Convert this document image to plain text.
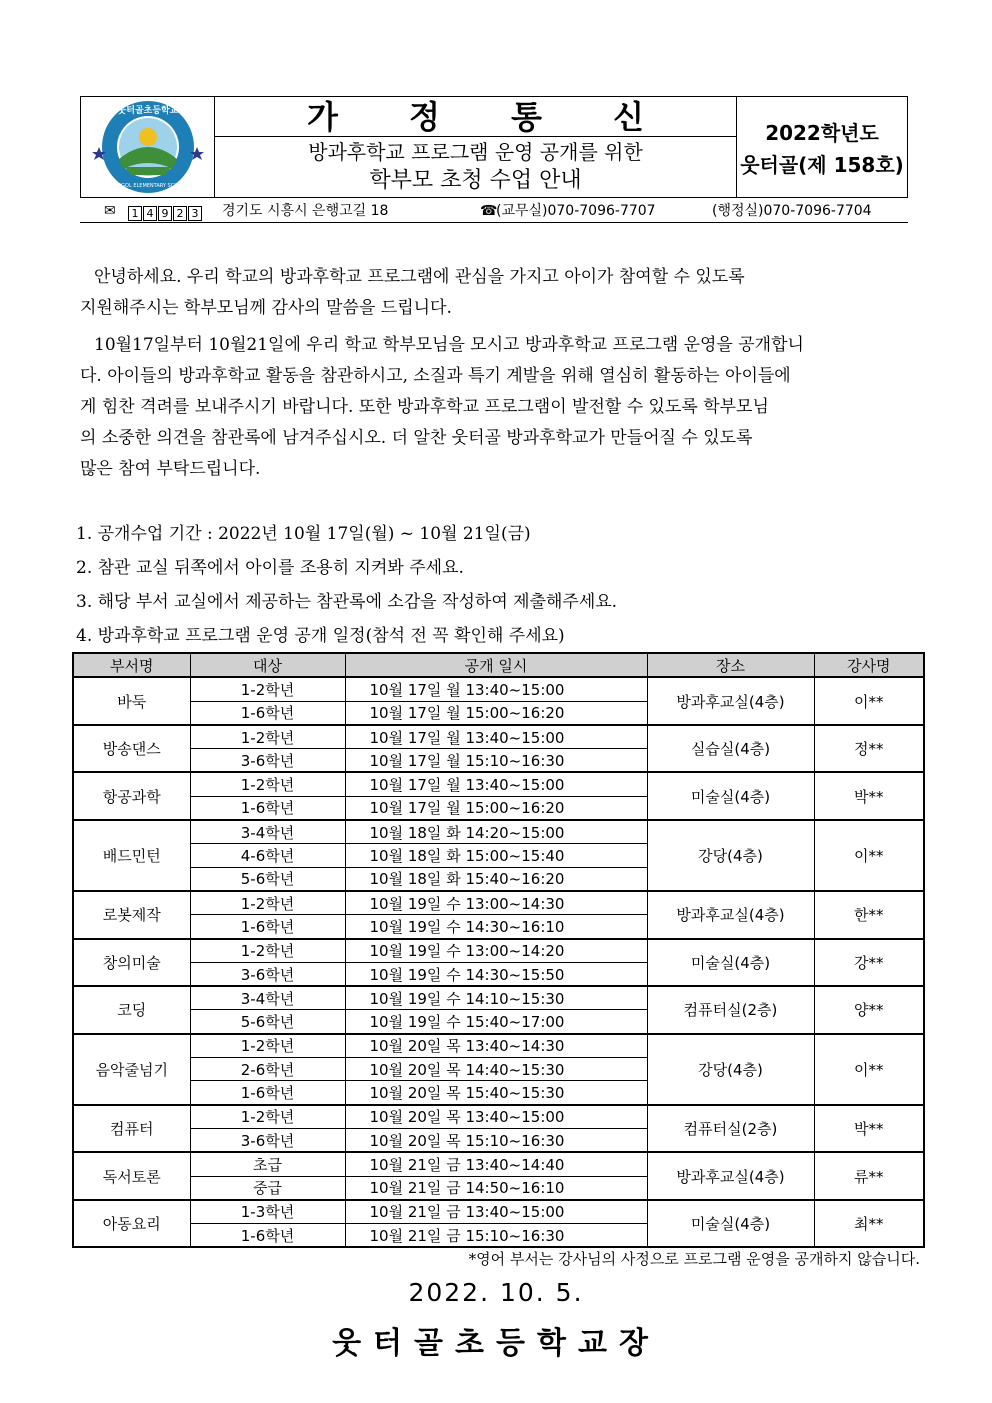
웃터골초등학교
UTEOGOL ELEMENTARY SCHOOL
가 정 통 신
방과후학교 프로그램 운영 공개를 위한
학부모 초청 수업 안내
2022학년도
웃터골(제 158호)
✉	1 4 9 2 3	경기도 시흥시 은행고길 18	☎
(교무실)070-7096-7707	(행정실)070-7096-7704
안녕하세요. 우리 학교의 방과후학교 프로그램에 관심을 가지고 아이가 참여할 수 있도록
지원해주시는 학부모님께 감사의 말씀을 드립니다.
10월17일부터 10월21일에 우리 학교 학부모님을 모시고 방과후학교 프로그램 운영을 공개합니
다. 아이들의 방과후학교 활동을 참관하시고, 소질과 특기 계발을 위해 열심히 활동하는 아이들에
게 힘찬 격려를 보내주시기 바랍니다. 또한 방과후학교 프로그램이 발전할 수 있도록 학부모님
의 소중한 의견을 참관록에 남겨주십시오. 더 알찬 웃터골 방과후학교가 만들어질 수 있도록
많은 참여 부탁드립니다.
1. 공개수업 기간 : 2022년 10월 17일(월) ~ 10월 21일(금)
2. 참관 교실 뒤쪽에서 아이를 조용히 지켜봐 주세요.
3. 해당 부서 교실에서 제공하는 참관록에 소감을 작성하여 제출해주세요.
4. 방과후학교 프로그램 운영 공개 일정(참석 전 꼭 확인해 주세요)
부서명	대상	공개 일시	장소	강사명
바둑	1-2학년	10월 17일 월 13:40~15:00	방과후교실(4층)	이**
	1-6학년	10월 17일 월 15:00~16:20		
방송댄스	1-2학년	10월 17일 월 13:40~15:00	실습실(4층)	정**
	3-6학년	10월 17일 월 15:10~16:30		
항공과학	1-2학년	10월 17일 월 13:40~15:00	미술실(4층)	박**
	1-6학년	10월 17일 월 15:00~16:20		
배드민턴	3-4학년	10월 18일 화 14:20~15:00	강당(4층)	이**
	4-6학년	10월 18일 화 15:00~15:40		
	5-6학년	10월 18일 화 15:40~16:20		
로봇제작	1-2학년	10월 19일 수 13:00~14:30	방과후교실(4층)	한**
	1-6학년	10월 19일 수 14:30~16:10		
창의미술	1-2학년	10월 19일 수 13:00~14:20	미술실(4층)	강**
	3-6학년	10월 19일 수 14:30~15:50		
코딩	3-4학년	10월 19일 수 14:10~15:30	컴퓨터실(2층)	양**
	5-6학년	10월 19일 수 15:40~17:00		
음악줄넘기	1-2학년	10월 20일 목 13:40~14:30	강당(4층)	이**
	2-6학년	10월 20일 목 14:40~15:30		
	1-6학년	10월 20일 목 15:40~15:30		
컴퓨터	1-2학년	10월 20일 목 13:40~15:00	컴퓨터실(2층)	박**
	3-6학년	10월 20일 목 15:10~16:30		
독서토론	초급	10월 21일 금 13:40~14:40	방과후교실(4층)	류**
	중급	10월 21일 금 14:50~16:10		
아동요리	1-3학년	10월 21일 금 13:40~15:00	미술실(4층)	최**
	1-6학년	10월 21일 금 15:10~16:30		
*영어 부서는 강사님의 사정으로 프로그램 운영을 공개하지 않습니다.
2022. 10. 5.
웃터골초등학교장
